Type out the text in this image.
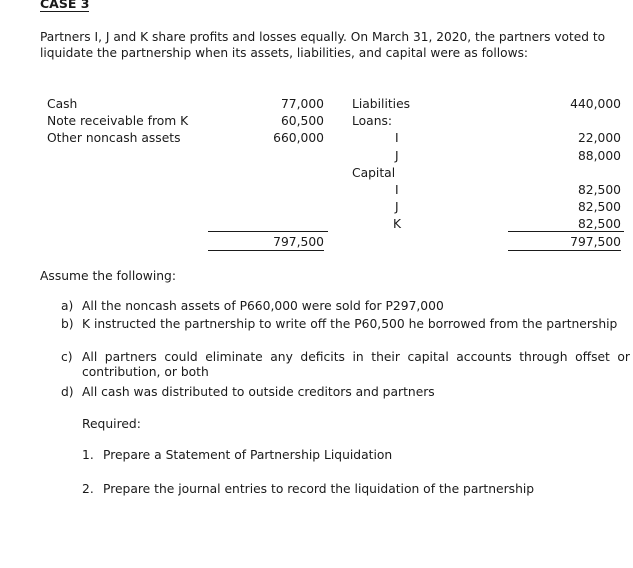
CASE 3
Partners I, J and K share profits and losses equally. On March 31, 2020, the partners voted to liquidate the partnership when its assets, liabilities, and capital were as follows:
Cash	77,000
Note receivable from K	60,500
Other noncash assets	660,000
797,500
Liabilities	440,000
Loans:
I	22,000
J	88,000
Capital
I	82,500
J	82,500
K	82,500
797,500
Assume the following:
a) All the noncash assets of P660,000 were sold for P297,000
b) K instructed the partnership to write off the P60,500 he borrowed from the partnership
c) All partners could eliminate any deficits in their capital accounts through offset or contribution, or both
d) All cash was distributed to outside creditors and partners
Required:
1. Prepare a Statement of Partnership Liquidation
2. Prepare the journal entries to record the liquidation of the partnership
